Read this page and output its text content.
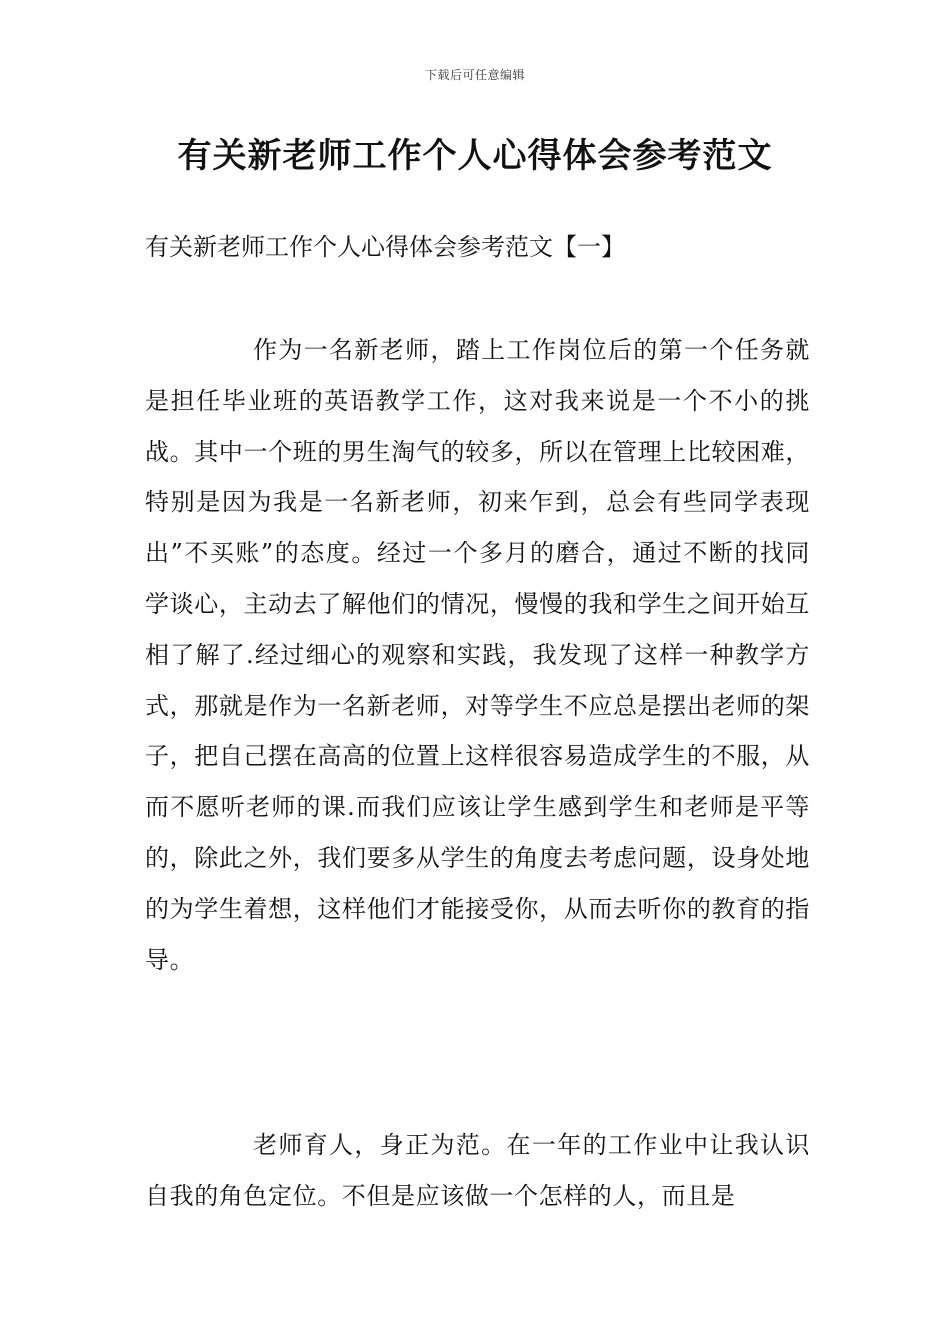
下载后可任意编辑
有关新老师工作个人心得体会参考范文
有关新老师工作个人心得体会参考范文【一】

作为一名新老师，踏上工作岗位后的第一个任务就是担任毕业班的英语教学工作，这对我来说是一个不小的挑战。其中一个班的男生淘气的较多，所以在管理上比较困难，特别是因为我是一名新老师，初来乍到，总会有些同学表现出”不买账”的态度。经过一个多月的磨合，通过不断的找同学谈心，主动去了解他们的情况，慢慢的我和学生之间开始互相了解了.经过细心的观察和实践，我发现了这样一种教学方式，那就是作为一名新老师，对等学生不应总是摆出老师的架子，把自己摆在高高的位置上这样很容易造成学生的不服，从而不愿听老师的课.而我们应该让学生感到学生和老师是平等的，除此之外，我们要多从学生的角度去考虑问题，设身处地的为学生着想，这样他们才能接受你，从而去听你的教育的指导。

老师育人，身正为范。在一年的工作业中让我认识自我的角色定位。不但是应该做一个怎样的人，而且是
